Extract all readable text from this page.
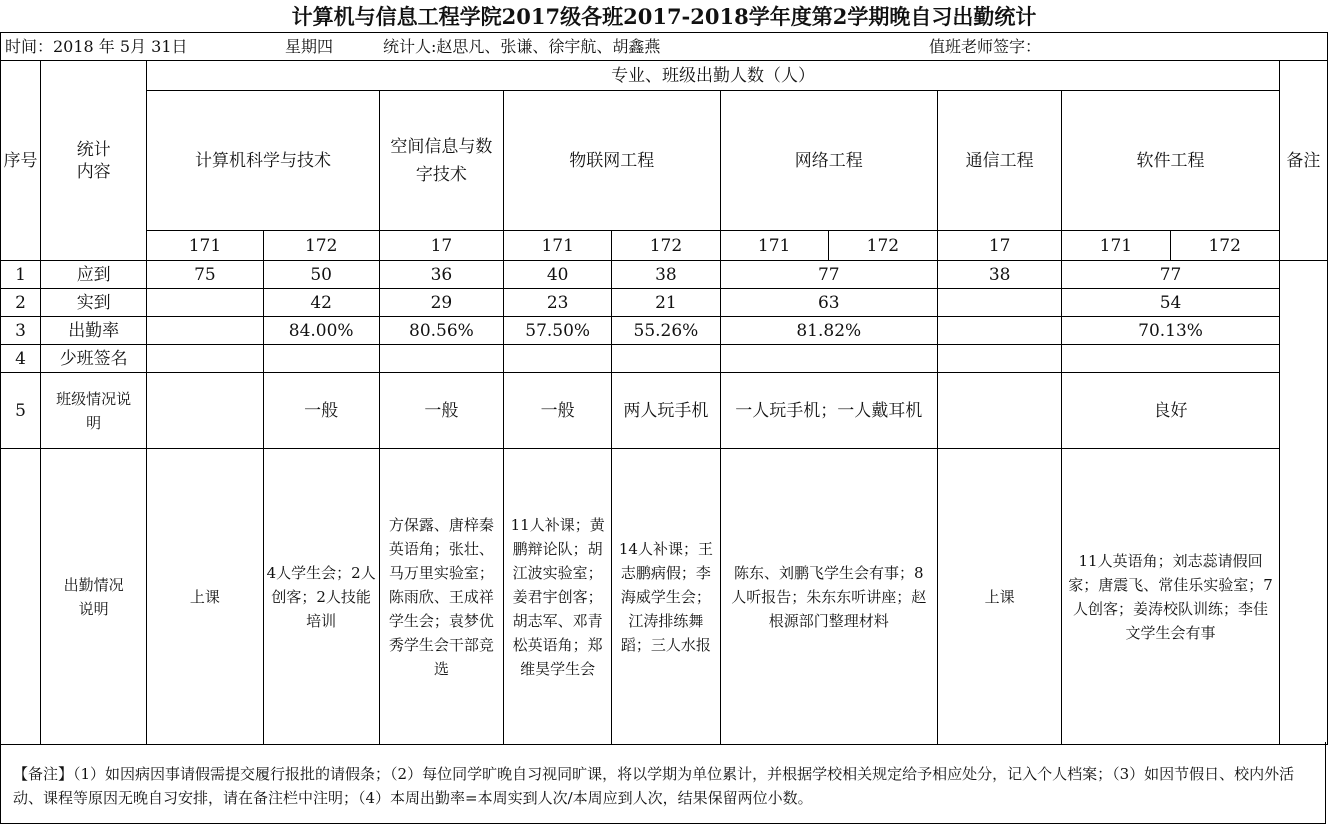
计算机与信息工程学院2017级各班2017-2018学年度第2学期晚自习出勤统计
时间：2018 年 5月 31日	星期四	统计人:赵思凡、张谦、徐宇航、胡鑫燕	值班老师签字：
序号	统计内容	专业、班级出勤人数（人）										备注
		计算机科学与技术		空间信息与数字技术	物联网工程		网络工程		通信工程	软件工程		
		171	172	17	171	172	171	172	17	171	172	
1	应到	75	50	36	40	38	77		38	77		
2	实到		42	29	23	21	63			54		
3	出勤率		84.00%	80.56%	57.50%	55.26%	81.82%			70.13%		
4	少班签名											
5	班级情况说明		一般	一般	一般	两人玩手机	一人玩手机；一人戴耳机			良好		
	出勤情况说明	上课	4人学生会；2人创客；2人技能培训	方保露、唐梓秦英语角；张壮、马万里实验室；陈雨欣、王成祥学生会；袁梦优秀学生会干部竞选	11人补课；黄鹏辩论队；胡江波实验室；姜君宇创客；胡志军、邓青松英语角；郑维昊学生会	14人补课；王志鹏病假；李海威学生会；江涛排练舞蹈；三人水报	陈东、刘鹏飞学生会有事；8人听报告；朱东东听讲座；赵根源部门整理材料		上课	11人英语角；刘志蕊请假回家；唐震飞、常佳乐实验室；7人创客；姜涛校队训练；李佳文学生会有事		
【备注】（1）如因病因事请假需提交履行报批的请假条；（2）每位同学旷晚自习视同旷课，将以学期为单位累计，并根据学校相关规定给予相应处分，记入个人档案；（3）如因节假日、校内外活动、课程等原因无晚自习安排，请在备注栏中注明；（4）本周出勤率=本周实到人次/本周应到人次，结果保留两位小数。
